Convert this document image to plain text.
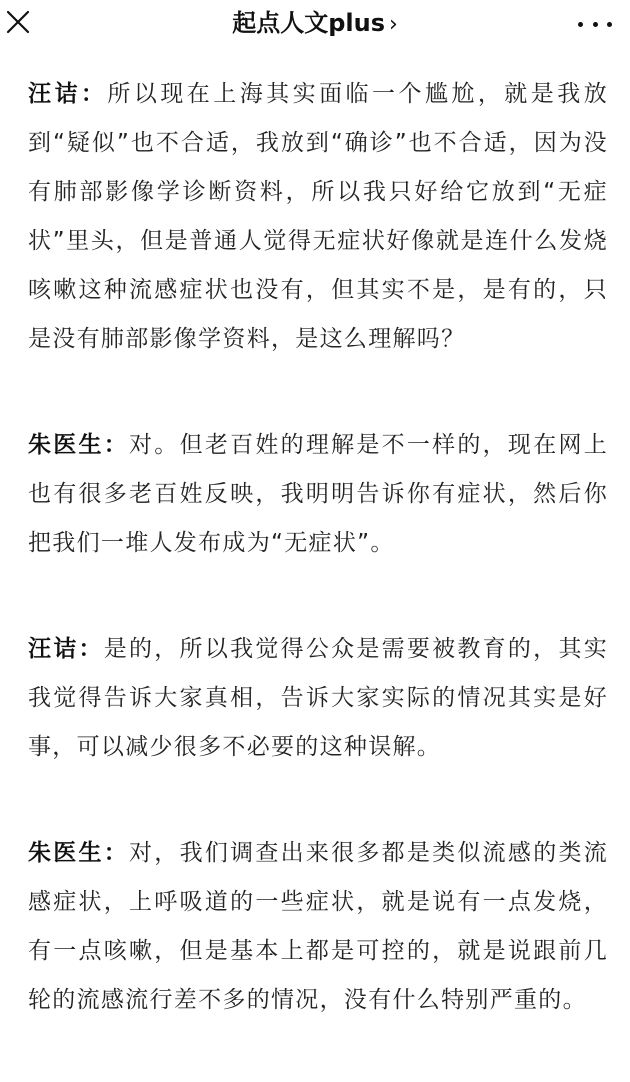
起点人文plus ›

汪诘：所以现在上海其实面临一个尴尬，就是我放到“疑似”也不合适，我放到“确诊”也不合适，因为没有肺部影像学诊断资料，所以我只好给它放到“无症状”里头，但是普通人觉得无症状好像就是连什么发烧咳嗽这种流感症状也没有，但其实不是，是有的，只是没有肺部影像学资料，是这么理解吗？

朱医生：对。但老百姓的理解是不一样的，现在网上也有很多老百姓反映，我明明告诉你有症状，然后你把我们一堆人发布成为“无症状”。

汪诘：是的，所以我觉得公众是需要被教育的，其实我觉得告诉大家真相，告诉大家实际的情况其实是好事，可以减少很多不必要的这种误解。

朱医生：对，我们调查出来很多都是类似流感的类流感症状，上呼吸道的一些症状，就是说有一点发烧，有一点咳嗽，但是基本上都是可控的，就是说跟前几轮的流感流行差不多的情况，没有什么特别严重的。
